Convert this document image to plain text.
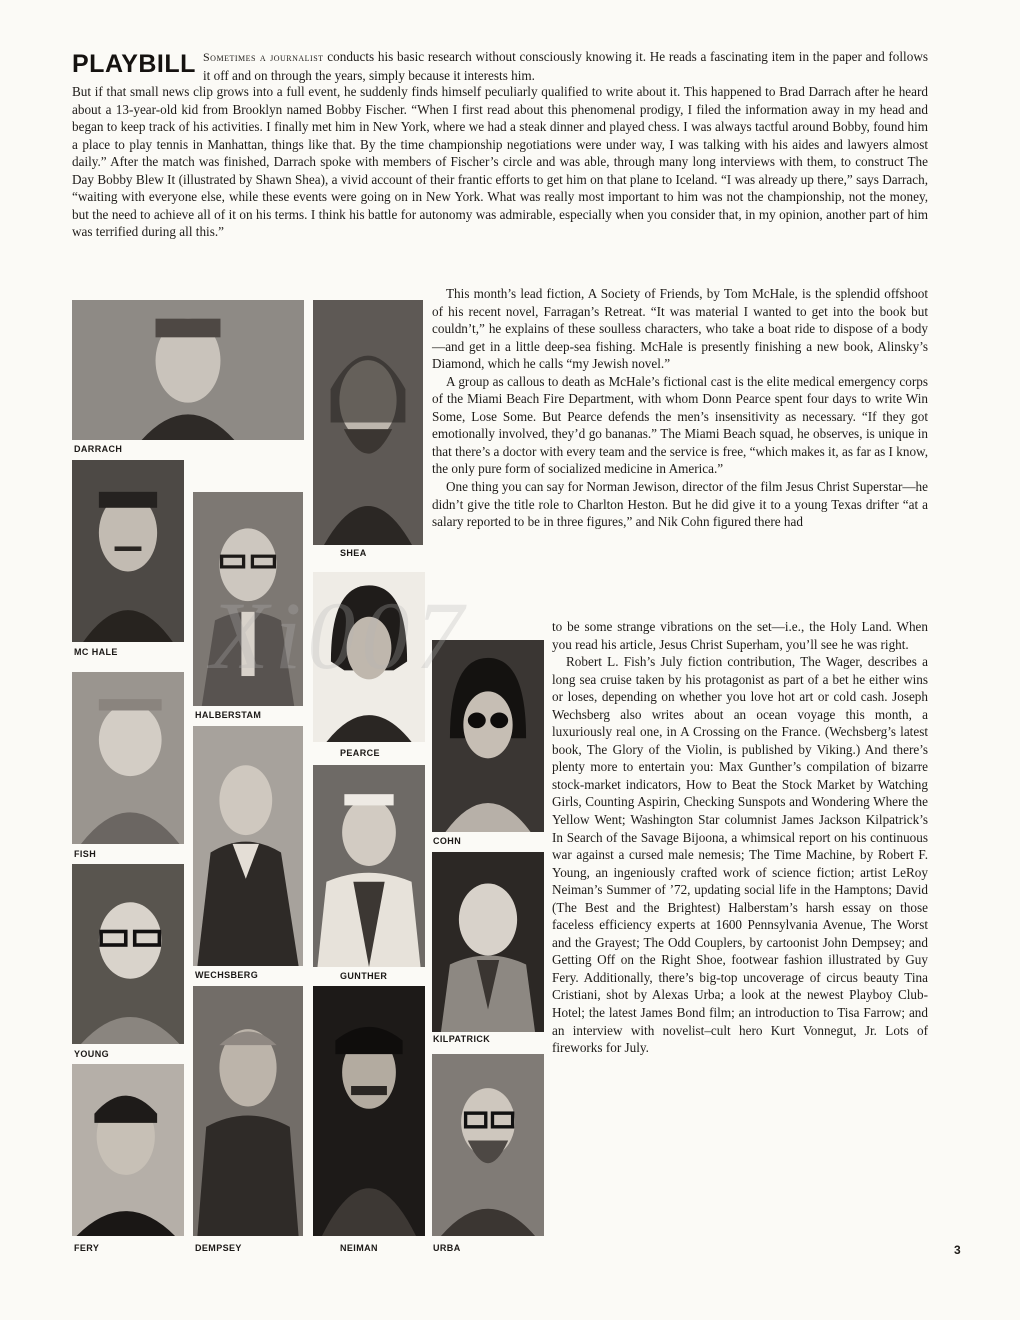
PLAYBILL Sometimes a journalist conducts his basic research without consciously knowing it. He reads a fascinating item in the paper and follows it off and on through the years, simply because it interests him.

But if that small news clip grows into a full event, he suddenly finds himself peculiarly qualified to write about it. This happened to Brad Darrach after he heard about a 13-year-old kid from Brooklyn named Bobby Fischer. “When I first read about this phenomenal prodigy, I filed the information away in my head and began to keep track of his activities. I finally met him in New York, where we had a steak dinner and played chess. I was always tactful around Bobby, found him a place to play tennis in Manhattan, things like that. By the time championship negotiations were under way, I was talking with his aides and lawyers almost daily.” After the match was finished, Darrach spoke with members of Fischer’s circle and was able, through many long interviews with them, to construct The Day Bobby Blew It (illustrated by Shawn Shea), a vivid account of their frantic efforts to get him on that plane to Iceland. “I was already up there,” says Darrach, “waiting with everyone else, while these events were going on in New York. What was really most important to him was not the championship, not the money, but the need to achieve all of it on his terms. I think his battle for autonomy was admirable, especially when you consider that, in my opinion, another part of him was terrified during all this.”

This month’s lead fiction, A Society of Friends, by Tom McHale, is the splendid offshoot of his recent novel, Farragan’s Retreat. “It was material I wanted to get into the book but couldn’t,” he explains of these soulless characters, who take a boat ride to dispose of a body—and get in a little deep-sea fishing. McHale is presently finishing a new book, Alinsky’s Diamond, which he calls “my Jewish novel.”

A group as callous to death as McHale’s fictional cast is the elite medical emergency corps of the Miami Beach Fire Department, with whom Donn Pearce spent four days to write Win Some, Lose Some. But Pearce defends the men’s insensitivity as necessary. “If they got emotionally involved, they’d go bananas.” The Miami Beach squad, he observes, is unique in that there’s a doctor with every team and the service is free, “which makes it, as far as I know, the only pure form of socialized medicine in America.”

One thing you can say for Norman Jewison, director of the film Jesus Christ Superstar—he didn’t give the title role to Charlton Heston. But he did give it to a young Texas drifter “at a salary reported to be in three figures,” and Nik Cohn figured there had

to be some strange vibrations on the set—i.e., the Holy Land. When you read his article, Jesus Christ Superham, you’ll see he was right.

Robert L. Fish’s July fiction contribution, The Wager, describes a long sea cruise taken by his protagonist as part of a bet he either wins or loses, depending on whether you love hot art or cold cash. Joseph Wechsberg also writes about an ocean voyage this month, a luxuriously real one, in A Crossing on the France. (Wechsberg’s latest book, The Glory of the Violin, is published by Viking.) And there’s plenty more to entertain you: Max Gunther’s compilation of bizarre stock-market indicators, How to Beat the Stock Market by Watching Girls, Counting Aspirin, Checking Sunspots and Wondering Where the Yellow Went; Washington Star columnist James Jackson Kilpatrick’s In Search of the Savage Bijoona, a whimsical report on his continuous war against a cursed male nemesis; The Time Machine, by Robert F. Young, an ingeniously crafted work of science fiction; artist LeRoy Neiman’s Summer of ’72, updating social life in the Hamptons; David (The Best and the Brightest) Halberstam’s harsh essay on those faceless efficiency experts at 1600 Pennsylvania Avenue, The Worst and the Grayest; The Odd Couplers, by cartoonist John Dempsey; and Getting Off on the Right Shoe, footwear fashion illustrated by Guy Fery. Additionally, there’s big-top uncoverage of circus beauty Tina Cristiani, shot by Alexas Urba; a look at the newest Playboy Club-Hotel; the latest James Bond film; an introduction to Tisa Farrow; and an interview with novelist–cult hero Kurt Vonnegut, Jr. Lots of fireworks for July.

DARRACH
SHEA
MC HALE
HALBERSTAM
PEARCE
FISH
COHN
WECHSBERG	GUNTHER
YOUNG
KILPATRICK
FERY	DEMPSEY	NEIMAN	URBA
Xi007
3
